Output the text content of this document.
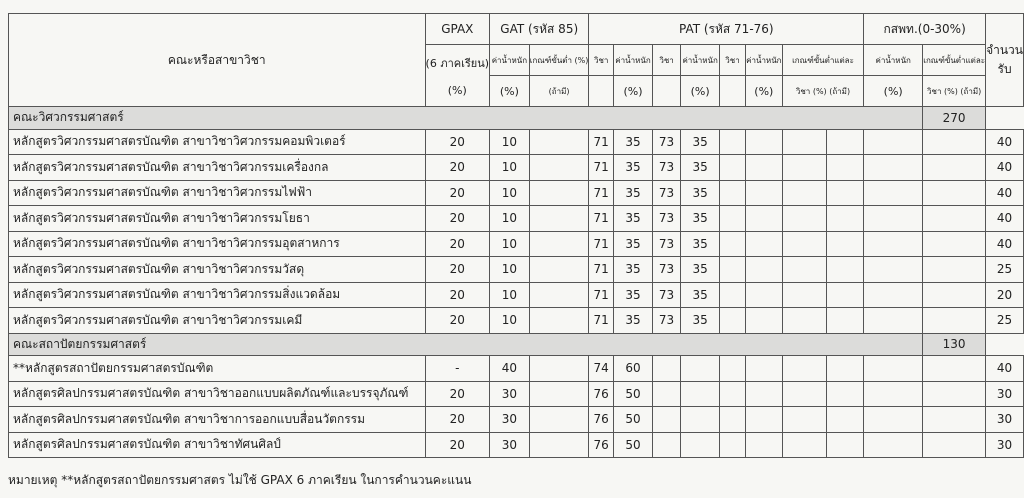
คณะหรือสาขาวิชา	GPAX	GAT (รหัส 85)		PAT (รหัส 71-76)								กสพท.(0-30%)		จำนวน
รับ

	(6 ภาคเรียน)
(%)	ค่าน้ำหนัก	เกณฑ์ขั้นต่ำ (%)	วิชา	ค่าน้ำหนัก	วิชา	ค่าน้ำหนัก	วิชา	ค่าน้ำหนัก	เกณฑ์ขั้นต่ำแต่ละ		ค่าน้ำหนัก	เกณฑ์ขั้นต่ำแต่ละ	
		(%)	(ถ้ามี)		(%)		(%)		(%)	วิชา (%) (ถ้ามี)		(%)	วิชา (%) (ถ้ามี)	
คณะวิศวกรรมศาสตร์													270	
หลักสูตรวิศวกรรมศาสตรบัณฑิต สาขาวิชาวิศวกรรมคอมพิวเตอร์	20	10		71	35	73	35							40
หลักสูตรวิศวกรรมศาสตรบัณฑิต สาขาวิชาวิศวกรรมเครื่องกล	20	10		71	35	73	35							40
หลักสูตรวิศวกรรมศาสตรบัณฑิต สาขาวิชาวิศวกรรมไฟฟ้า	20	10		71	35	73	35							40
หลักสูตรวิศวกรรมศาสตรบัณฑิต สาขาวิชาวิศวกรรมโยธา	20	10		71	35	73	35							40
หลักสูตรวิศวกรรมศาสตรบัณฑิต สาขาวิชาวิศวกรรมอุตสาหการ	20	10		71	35	73	35							40
หลักสูตรวิศวกรรมศาสตรบัณฑิต สาขาวิชาวิศวกรรมวัสดุ	20	10		71	35	73	35							25
หลักสูตรวิศวกรรมศาสตรบัณฑิต สาขาวิชาวิศวกรรมสิ่งแวดล้อม	20	10		71	35	73	35							20
หลักสูตรวิศวกรรมศาสตรบัณฑิต สาขาวิชาวิศวกรรมเคมี	20	10		71	35	73	35							25
คณะสถาปัตยกรรมศาสตร์													130	
**หลักสูตรสถาปัตยกรรมศาสตรบัณฑิต	-	40		74	60									40
หลักสูตรศิลปกรรมศาสตรบัณฑิต สาขาวิชาออกแบบผลิตภัณฑ์และบรรจุภัณฑ์	20	30		76	50									30
หลักสูตรศิลปกรรมศาสตรบัณฑิต สาขาวิชาการออกแบบสื่อนวัตกรรม	20	30		76	50									30
หลักสูตรศิลปกรรมศาสตรบัณฑิต สาขาวิชาทัศนศิลป์	20	30		76	50									30
หมายเหตุ **หลักสูตรสถาปัตยกรรมศาสตร ไม่ใช้ GPAX 6 ภาคเรียน ในการคำนวนคะแนน
